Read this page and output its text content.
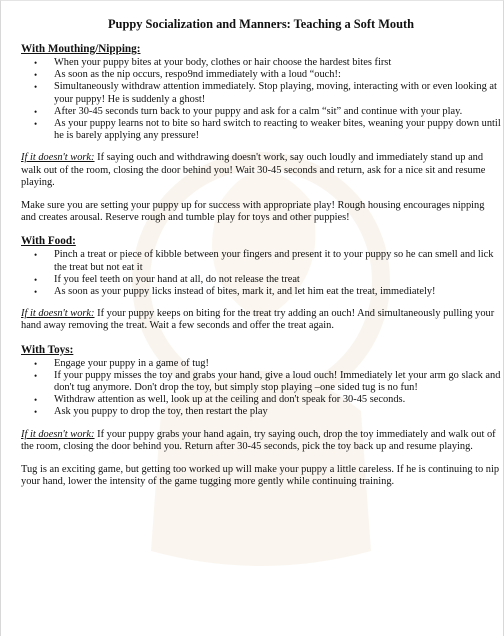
Puppy Socialization and Manners: Teaching a Soft Mouth
With Mouthing/Nipping:
• When your puppy bites at your body, clothes or hair choose the hardest bites first
• As soon as the nip occurs, respo9nd immediately with a loud “ouch!:
• Simultaneously withdraw attention immediately. Stop playing, moving, interacting with or even looking at your puppy! He is suddenly a ghost!
• After 30-45 seconds turn back to your puppy and ask for a calm “sit” and continue with your play.
• As your puppy learns not to bite so hard switch to reacting to weaker bites, weaning your puppy down until he is barely applying any pressure!

If it doesn't work: If saying ouch and withdrawing doesn't work, say ouch loudly and immediately stand up and walk out of the room, closing the door behind you! Wait 30-45 seconds and return, ask for a nice sit and resume playing.

Make sure you are setting your puppy up for success with appropriate play! Rough housing encourages nipping and creates arousal. Reserve rough and tumble play for toys and other puppies!

With Food:
• Pinch a treat or piece of kibble between your fingers and present it to your puppy so he can smell and lick the treat but not eat it
• If you feel teeth on your hand at all, do not release the treat
• As soon as your puppy licks instead of bites, mark it, and let him eat the treat, immediately!

If it doesn't work: If your puppy keeps on biting for the treat try adding an ouch! And simultaneously pulling your hand away removing the treat. Wait a few seconds and offer the treat again.

With Toys:
• Engage your puppy in a game of tug!
• If your puppy misses the toy and grabs your hand, give a loud ouch! Immediately let your arm go slack and don't tug anymore. Don't drop the toy, but simply stop playing –one sided tug is no fun!
• Withdraw attention as well, look up at the ceiling and don't speak for 30-45 seconds.
• Ask you puppy to drop the toy, then restart the play

If it doesn't work: If your puppy grabs your hand again, try saying ouch, drop the toy immediately and walk out of the room, closing the door behind you. Return after 30-45 seconds, pick the toy back up and resume playing.

Tug is an exciting game, but getting too worked up will make your puppy a little careless. If he is continuing to nip your hand, lower the intensity of the game tugging more gently while continuing training.
